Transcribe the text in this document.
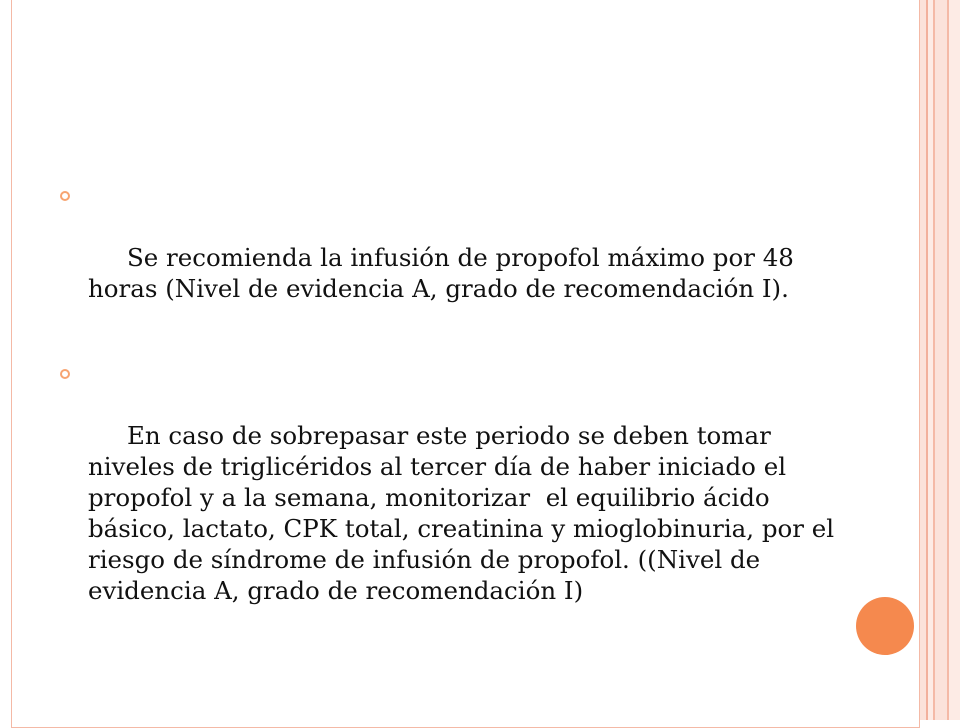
Se recomienda la infusión de propofol máximo por 48 horas (Nivel de evidencia A, grado de recomendación I).

En caso de sobrepasar este periodo se deben tomar niveles de triglicéridos al tercer día de haber iniciado el propofol y a la semana, monitorizar  el equilibrio ácido básico, lactato, CPK total, creatinina y mioglobinuria, por el riesgo de síndrome de infusión de propofol. ((Nivel de evidencia A, grado de recomendación I)
